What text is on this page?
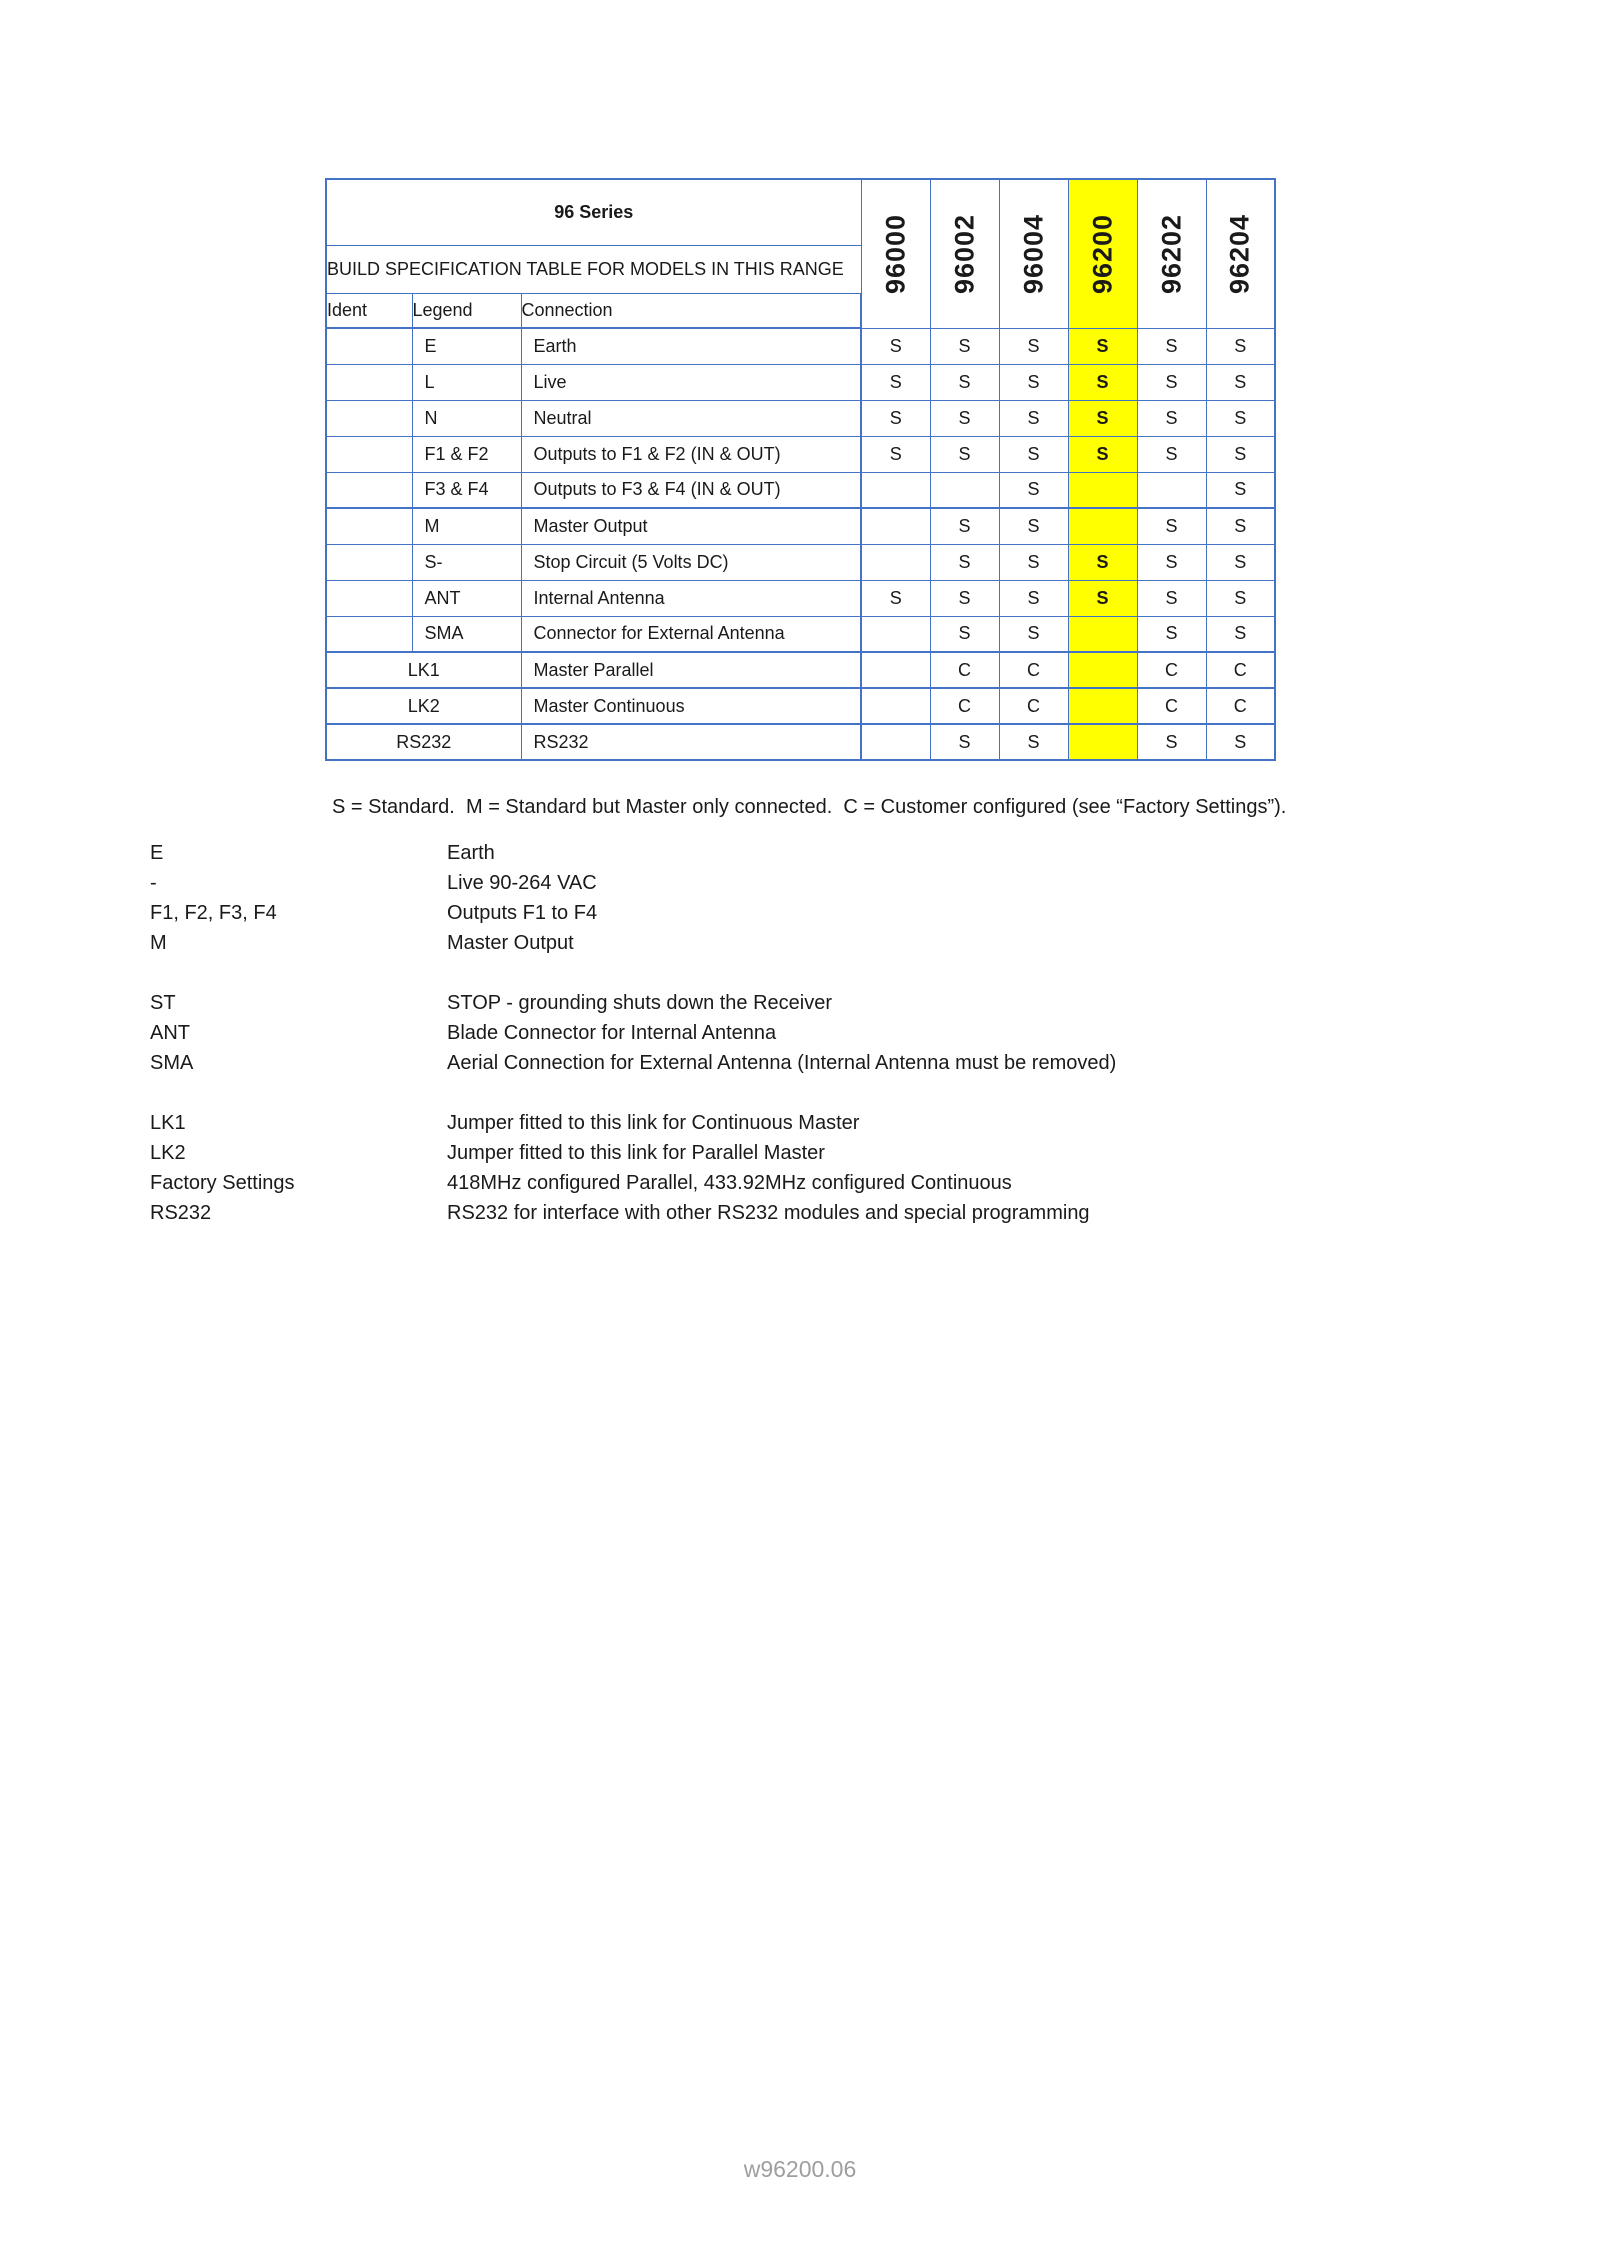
96 Series			96000	96002	96004	96200	96202	96204

BUILD SPECIFICATION TABLE FOR MODELS IN THIS RANGE								
Ident	Legend	Connection						
	E	Earth	S	S	S	S	S	S
	L	Live	S	S	S	S	S	S
	N	Neutral	S	S	S	S	S	S
	F1 & F2	Outputs to F1 & F2 (IN & OUT)	S	S	S	S	S	S
	F3 & F4	Outputs to F3 & F4 (IN & OUT)			S			S
	M	Master Output		S	S		S	S
	S-	Stop Circuit (5 Volts DC)		S	S	S	S	S
	ANT	Internal Antenna	S	S	S	S	S	S
	SMA	Connector for External Antenna		S	S		S	S
LK1		Master Parallel		C	C		C	C
LK2		Master Continuous		C	C		C	C
RS232		RS232		S	S		S	S
S = Standard.  M = Standard but Master only connected.  C = Customer configured (see “Factory Settings”).
E	Earth
-	Live 90-264 VAC
F1, F2, F3, F4	Outputs F1 to F4
M	Master Output
ST	STOP - grounding shuts down the Receiver
ANT	Blade Connector for Internal Antenna
SMA	Aerial Connection for External Antenna (Internal Antenna must be removed)
LK1	Jumper fitted to this link for Continuous Master
LK2	Jumper fitted to this link for Parallel Master
Factory Settings	418MHz configured Parallel, 433.92MHz configured Continuous
RS232	RS232 for interface with other RS232 modules and special programming
w96200.06
